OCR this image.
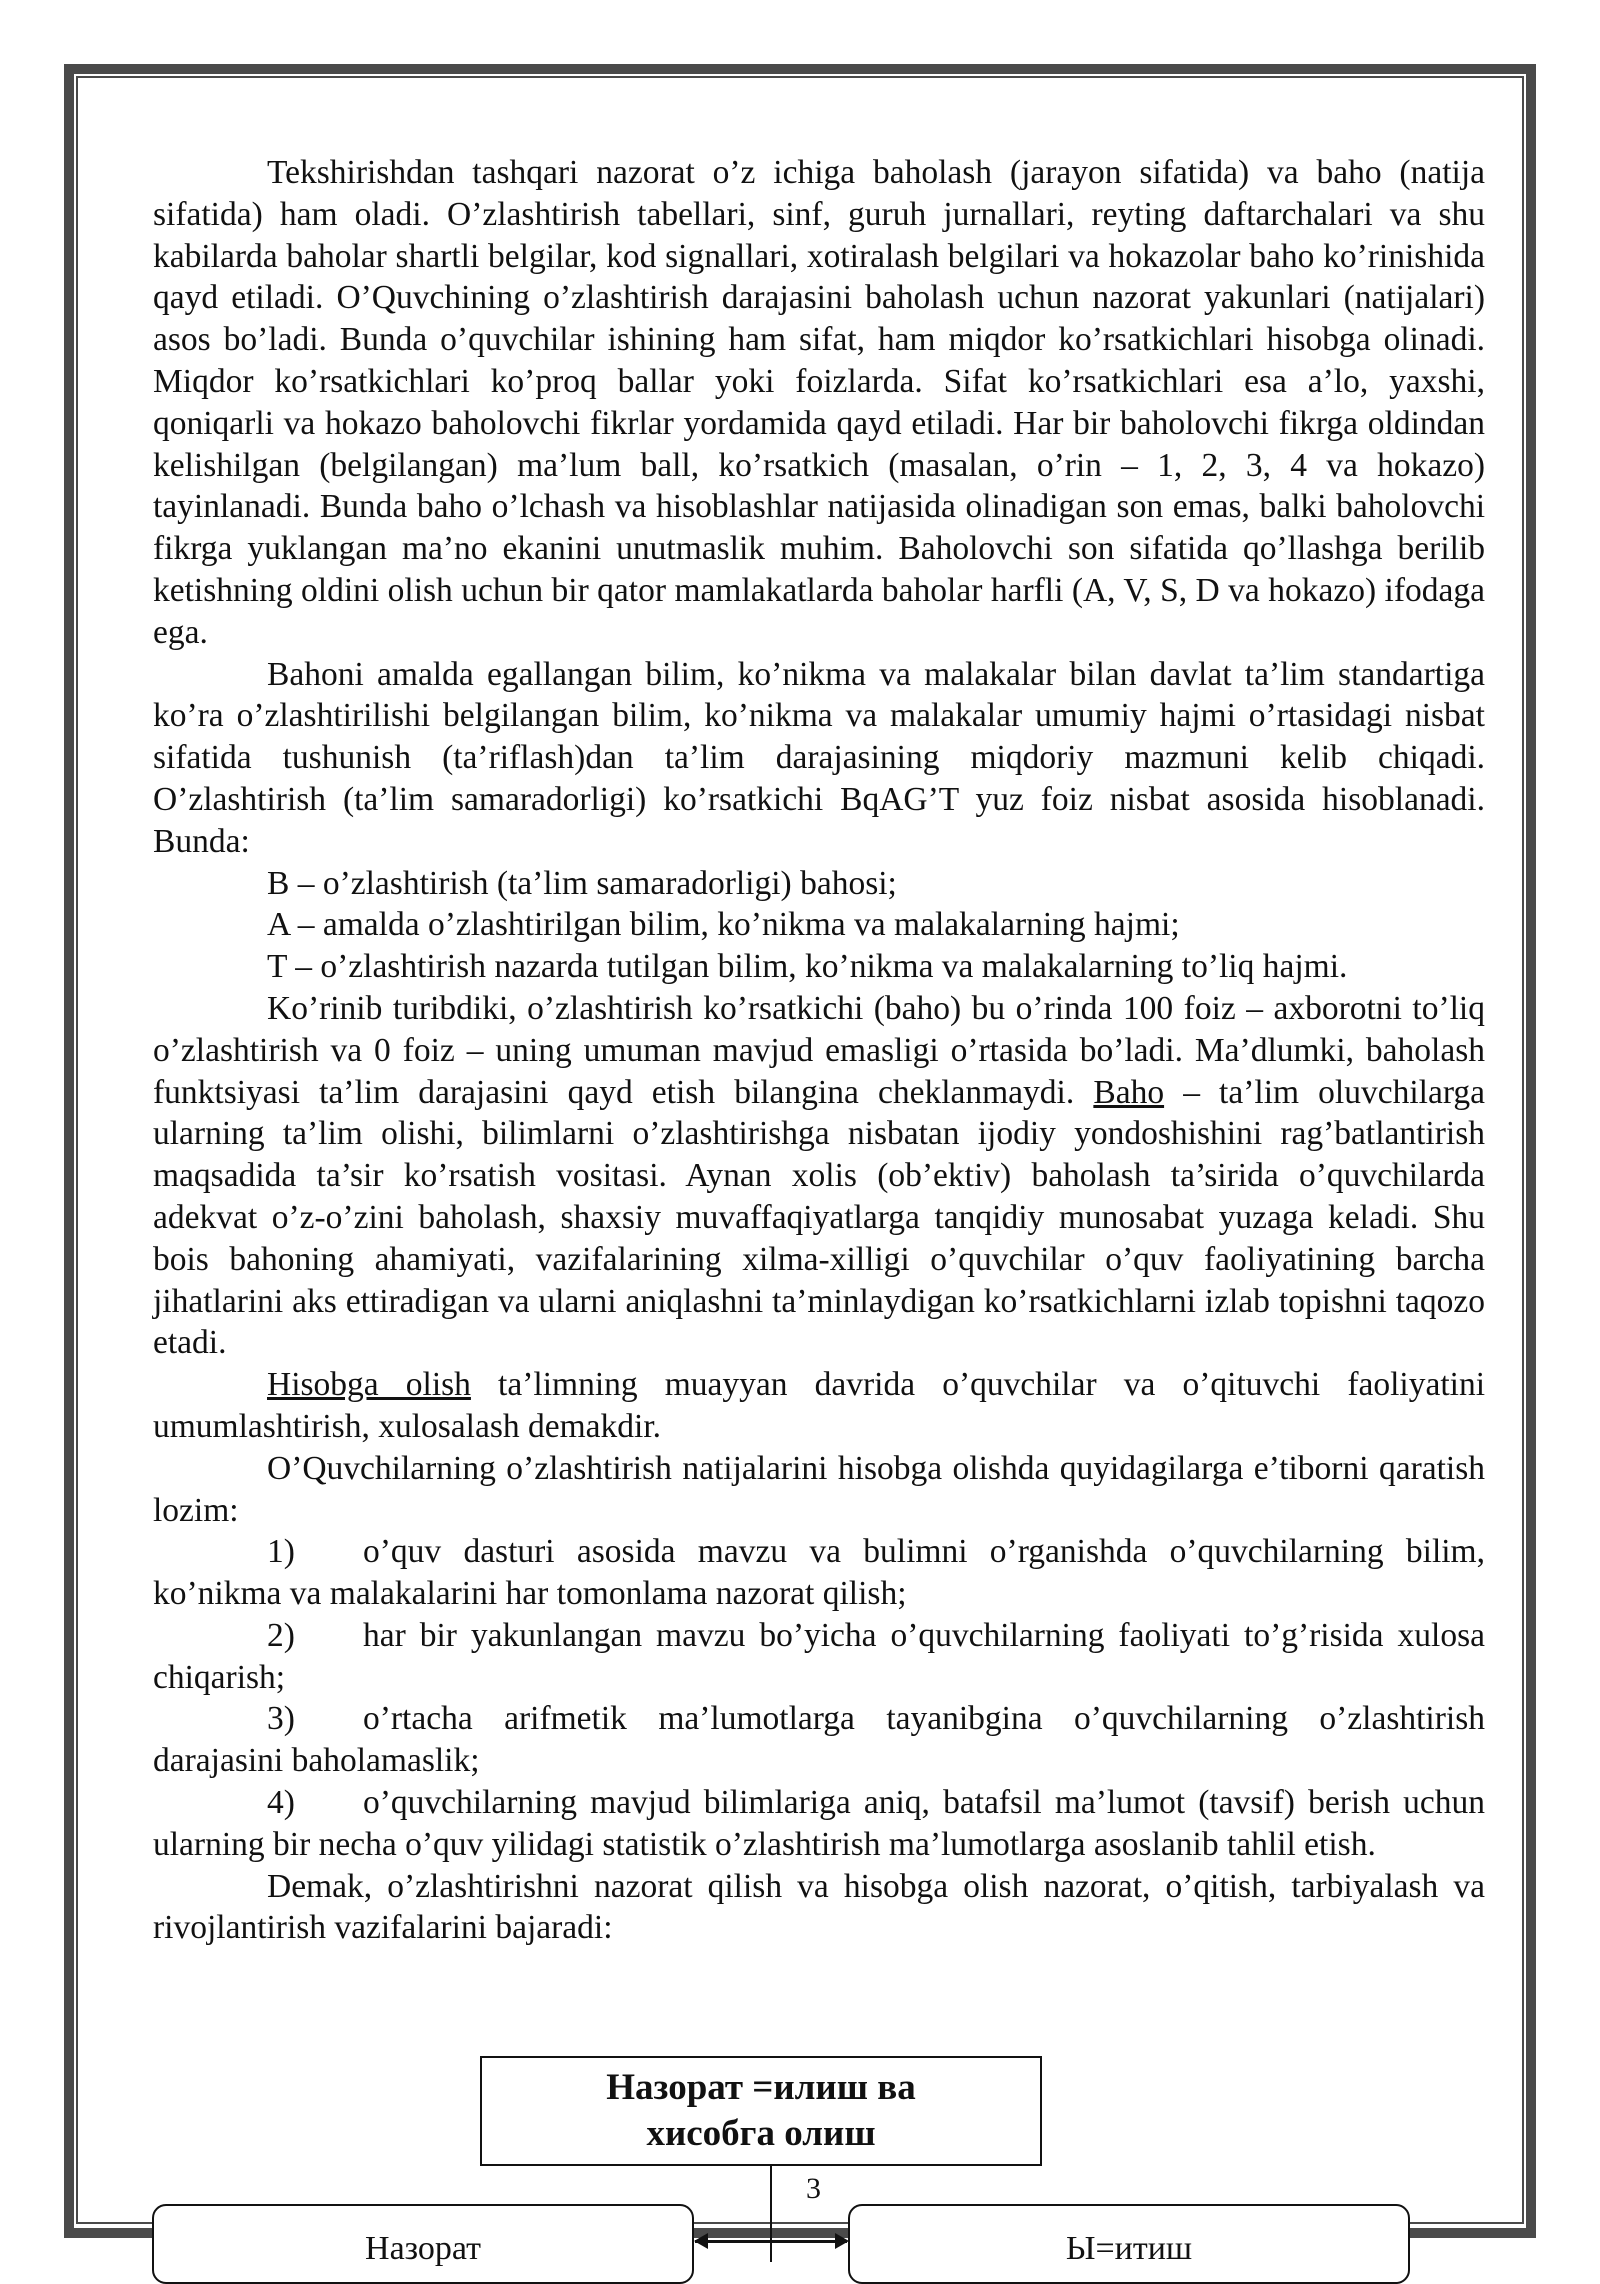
Tekshirishdan tashqari nazorat o’z ichiga baholash (jarayon sifatida) va baho (natija sifatida) ham oladi. O’zlashtirish tabellari, sinf, guruh jurnallari, reyting daftarchalari va shu kabilarda baholar shartli belgilar, kod signallari, xotiralash belgilari va hokazolar baho ko’rinishida qayd etiladi. O’Quvchining o’zlashtirish darajasini baholash uchun nazorat yakunlari (natijalari) asos bo’ladi. Bunda o’quvchilar ishining ham sifat, ham miqdor ko’rsatkichlari hisobga olinadi. Miqdor ko’rsatkichlari ko’proq ballar yoki foizlarda. Sifat ko’rsatkichlari esa a’lo, yaxshi, qoniqarli va hokazo baholovchi fikrlar yordamida qayd etiladi. Har bir baholovchi fikrga oldindan kelishilgan (belgilangan) ma’lum ball, ko’rsatkich (masalan, o’rin – 1, 2, 3, 4 va hokazo) tayinlanadi. Bunda baho o’lchash va hisoblashlar natijasida olinadigan son emas, balki baholovchi fikrga yuklangan ma’no ekanini unutmaslik muhim. Baholovchi son sifatida qo’llashga berilib ketishning oldini olish uchun bir qator mamlakatlarda baholar harfli (A, V, S, D va hokazo) ifodaga ega.

Bahoni amalda egallangan bilim, ko’nikma va malakalar bilan davlat ta’lim standartiga ko’ra o’zlashtirilishi belgilangan bilim, ko’nikma va malakalar umumiy hajmi o’rtasidagi nisbat sifatida tushunish (ta’riflash)dan ta’lim darajasining miqdoriy mazmuni kelib chiqadi. O’zlashtirish (ta’lim samaradorligi) ko’rsatkichi BqAG’T yuz foiz nisbat asosida hisoblanadi. Bunda:

B – o’zlashtirish (ta’lim samaradorligi) bahosi;

A – amalda o’zlashtirilgan bilim, ko’nikma va malakalarning hajmi;

T – o’zlashtirish nazarda tutilgan bilim, ko’nikma va malakalarning to’liq hajmi.

Ko’rinib turibdiki, o’zlashtirish ko’rsatkichi (baho) bu o’rinda 100 foiz – axborotni to’liq o’zlashtirish va 0 foiz – uning umuman mavjud emasligi o’rtasida bo’ladi. Ma’dlumki, baholash funktsiyasi ta’lim darajasini qayd etish bilangina cheklanmaydi. Baho – ta’lim oluvchilarga ularning ta’lim olishi, bilimlarni o’zlashtirishga nisbatan ijodiy yondoshishini rag’batlantirish maqsadida ta’sir ko’rsatish vositasi. Aynan xolis (ob’ektiv) baholash ta’sirida o’quvchilarda adekvat o’z-o’zini baholash, shaxsiy muvaffaqiyatlarga tanqidiy munosabat yuzaga keladi. Shu bois bahoning ahamiyati, vazifalarining xilma-xilligi o’quvchilar o’quv faoliyatining barcha jihatlarini aks ettiradigan va ularni aniqlashni ta’minlaydigan ko’rsatkichlarni izlab topishni taqozo etadi.

Hisobga olish ta’limning muayyan davrida o’quvchilar va o’qituvchi faoliyatini umumlashtirish, xulosalash demakdir.

O’Quvchilarning o’zlashtirish natijalarini hisobga olishda quyidagilarga e’tiborni qaratish lozim:

1) o’quv dasturi asosida mavzu va bulimni o’rganishda o’quvchilarning bilim, ko’nikma va malakalarini har tomonlama nazorat qilish;

2) har bir yakunlangan mavzu bo’yicha o’quvchilarning faoliyati to’g’risida xulosa chiqarish;

3) o’rtacha arifmetik ma’lumotlarga tayanibgina o’quvchilarning o’zlashtirish darajasini baholamaslik;

4) o’quvchilarning mavjud bilimlariga aniq, batafsil ma’lumot (tavsif) berish uchun ularning bir necha o’quv yilidagi statistik o’zlashtirish ma’lumotlarga asoslanib tahlil etish.

Demak, o’zlashtirishni nazorat qilish va hisobga olish nazorat, o’qitish, tarbiyalash va rivojlantirish vazifalarini bajaradi:

Назорат =илиш ва хисобга олиш
Назорат	Ы=итиш
3
